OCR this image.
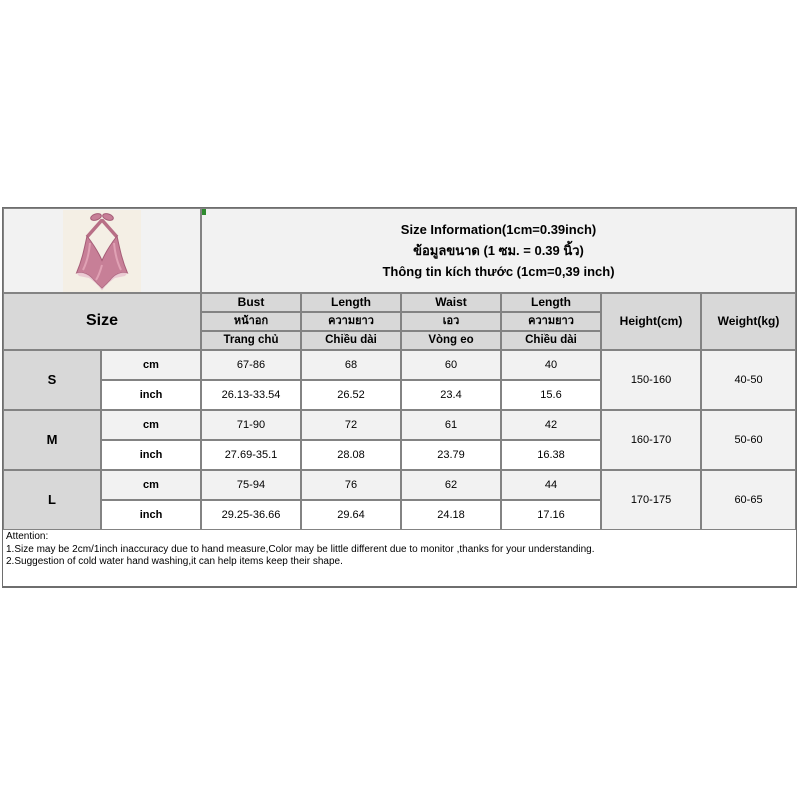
Size Information(1cm=0.39inch)
ข้อมูลขนาด (1 ซม. = 0.39 นิ้ว)
Thông tin kích thước (1cm=0,39 inch)					

Size		Bust	Length	Waist	Length	Height(cm)	Weight(kg)
		หน้าอก	ความยาว	เอว	ความยาว		
		Trang chủ	Chiều dài	Vòng eo	Chiều dài		
S	cm	67-86	68	60	40	150-160	40-50
	inch	26.13-33.54	26.52	23.4	15.6		
M	cm	71-90	72	61	42	160-170	50-60
	inch	27.69-35.1	28.08	23.79	16.38		
L	cm	75-94	76	62	44	170-175	60-65
	inch	29.25-36.66	29.64	24.18	17.16		
Attention:
1.Size may be 2cm/1inch inaccuracy due to hand measure,Color may be little different due to monitor ,thanks for your understanding.
2.Suggestion of cold water hand washing,it can help items keep their shape.
